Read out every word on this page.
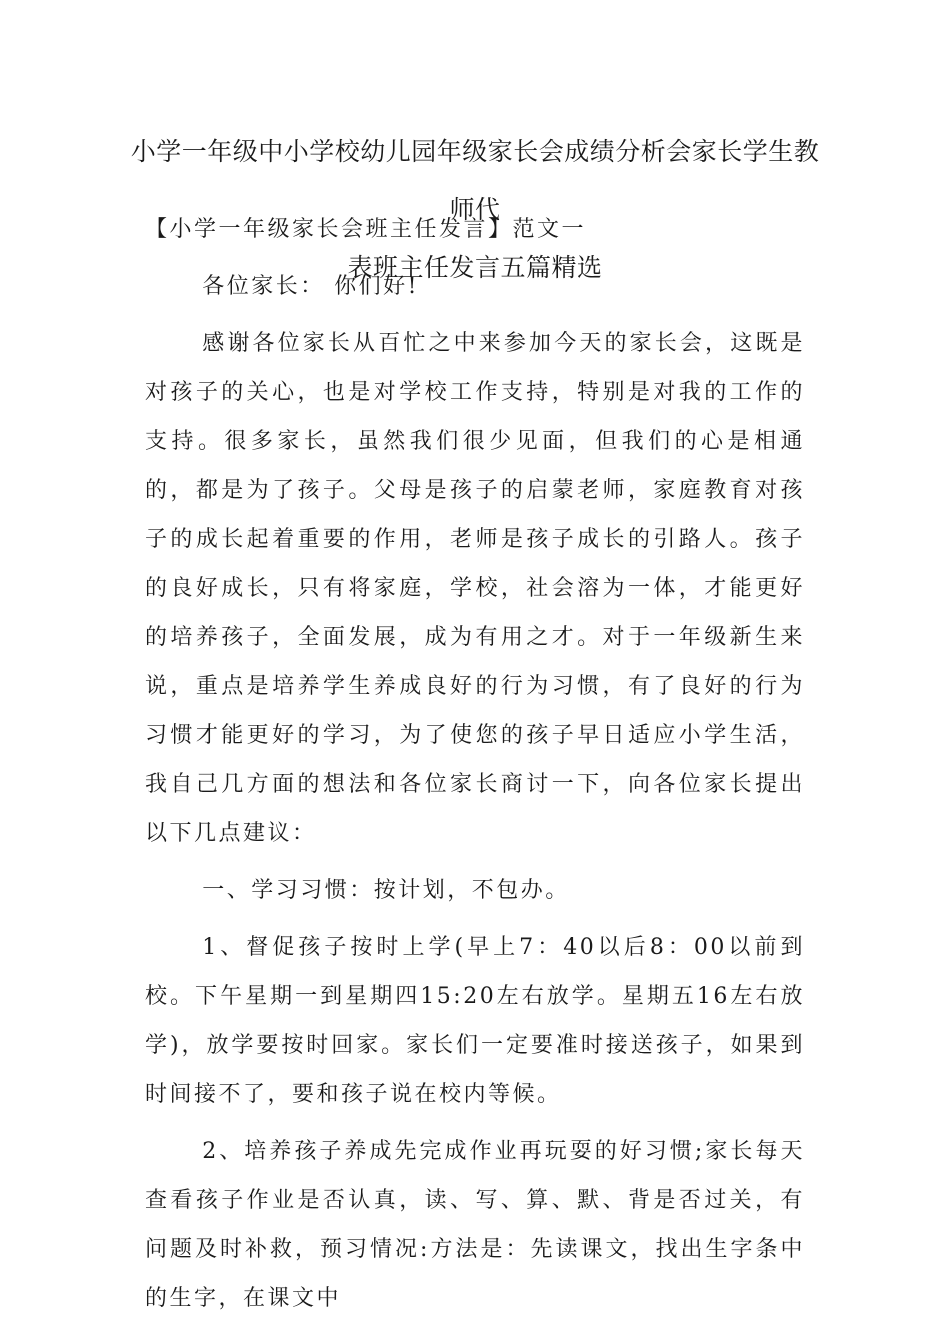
小学一年级中小学校幼儿园年级家长会成绩分析会家长学生教师代
表班主任发言五篇精选

【小学一年级家长会班主任发言】范文一

各位家长： 你们好!

感谢各位家长从百忙之中来参加今天的家长会，这既是对孩子的关心，也是对学校工作支持，特别是对我的工作的支持。很多家长，虽然我们很少见面，但我们的心是相通的，都是为了孩子。父母是孩子的启蒙老师，家庭教育对孩子的成长起着重要的作用，老师是孩子成长的引路人。孩子的良好成长，只有将家庭，学校，社会溶为一体，才能更好的培养孩子，全面发展，成为有用之才。对于一年级新生来说，重点是培养学生养成良好的行为习惯，有了良好的行为习惯才能更好的学习，为了使您的孩子早日适应小学生活，我自己几方面的想法和各位家长商讨一下，向各位家长提出以下几点建议：

一、学习习惯：按计划，不包办。

1、督促孩子按时上学(早上7：40以后8：00以前到校。下午星期一到星期四15:20左右放学。星期五16左右放学)，放学要按时回家。家长们一定要准时接送孩子，如果到时间接不了，要和孩子说在校内等候。

2、培养孩子养成先完成作业再玩耍的好习惯;家长每天查看孩子作业是否认真，读、写、算、默、背是否过关，有问题及时补救，预习情况:方法是：先读课文，找出生字条中的生字，在课文中
